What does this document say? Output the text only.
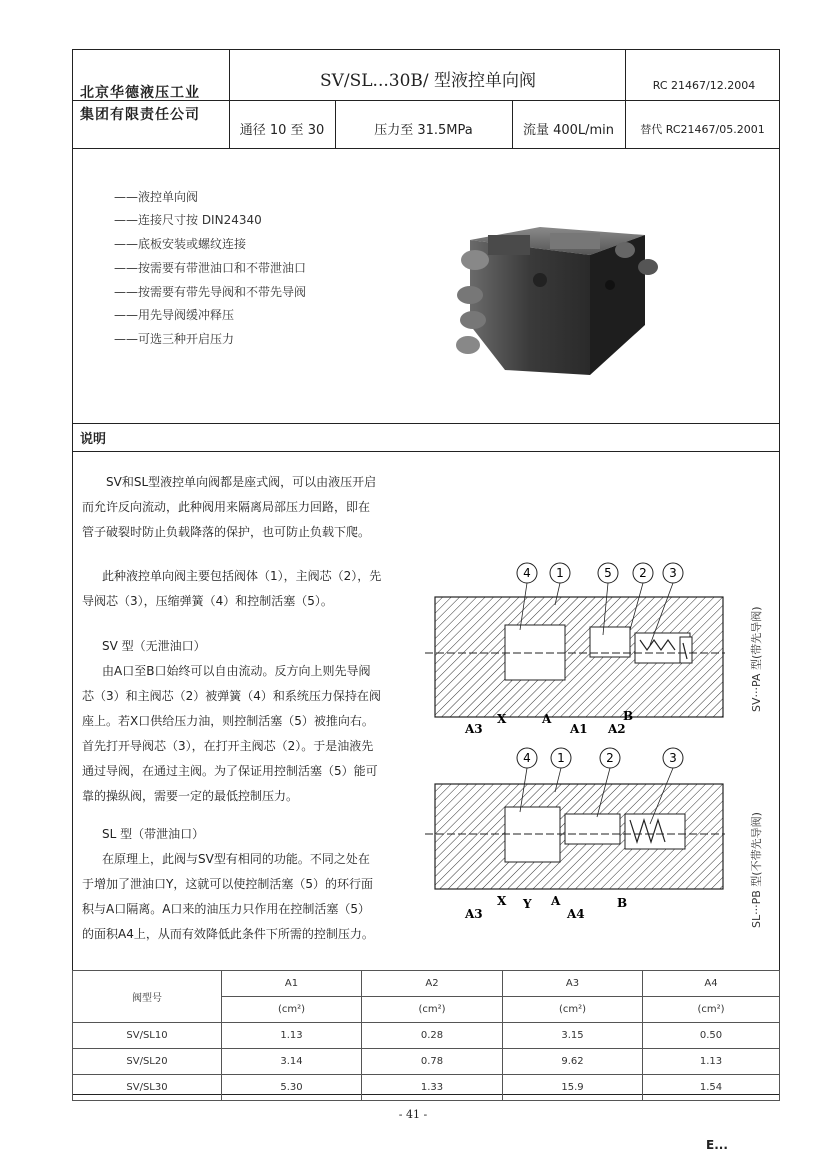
北京华德液压工业
集团有限责任公司
SV/SL...30B/ 型液控单向阀	RC 21467/12.2004
通径 10 至 30	压力至 31.5MPa	流量 400L/min	替代 RC21467/05.2001
——液控单向阀
——连接尺寸按 DIN24340
——底板安装或螺纹连接
——按需要有带泄油口和不带泄油口
——按需要有带先导阀和不带先导阀
——用先导阀缓冲释压
——可选三种开启压力
说明
SV和SL型液控单向阀都是座式阀，可以由液压开启
而允许反向流动，此种阀用来隔离局部压力回路，即在
管子破裂时防止负载降落的保护，也可防止负载下爬。
此种液控单向阀主要包括阀体（1），主阀芯（2），先
导阀芯（3），压缩弹簧（4）和控制活塞（5）。
SV 型（无泄油口）
由A口至B口始终可以自由流动。反方向上则先导阀
芯（3）和主阀芯（2）被弹簧（4）和系统压力保持在阀
座上。若X口供给压力油，则控制活塞（5）被推向右。
首先打开导阀芯（3），在打开主阀芯（2）。于是油液先
通过导阀，在通过主阀。为了保证用控制活塞（5）能可
靠的操纵阀，需要一定的最低控制压力。
SL 型（带泄油口）
在原理上，此阀与SV型有相同的功能。不同之处在
于增加了泄油口Y，这就可以使控制活塞（5）的环行面
积与A口隔离。A口来的油压力只作用在控制活塞（5）
的面积A4上，从而有效降低此条件下所需的控制压力。
4 1	5 2 3
A3
X	A
A1 A2
B
SV···PA 型(带先导阀)
4 1	2	3
A3
X Y A
A4
B	SL···PB 型(不带先导阀)
阀型号	A1	A2	A3	A4
	(cm²)	(cm²)	(cm²)	(cm²)
SV/SL10	1.13	0.28	3.15	0.50
SV/SL20	3.14	0.78	9.62	1.13
SV/SL30	5.30	1.33	15.9	1.54
- 41 -
E...
